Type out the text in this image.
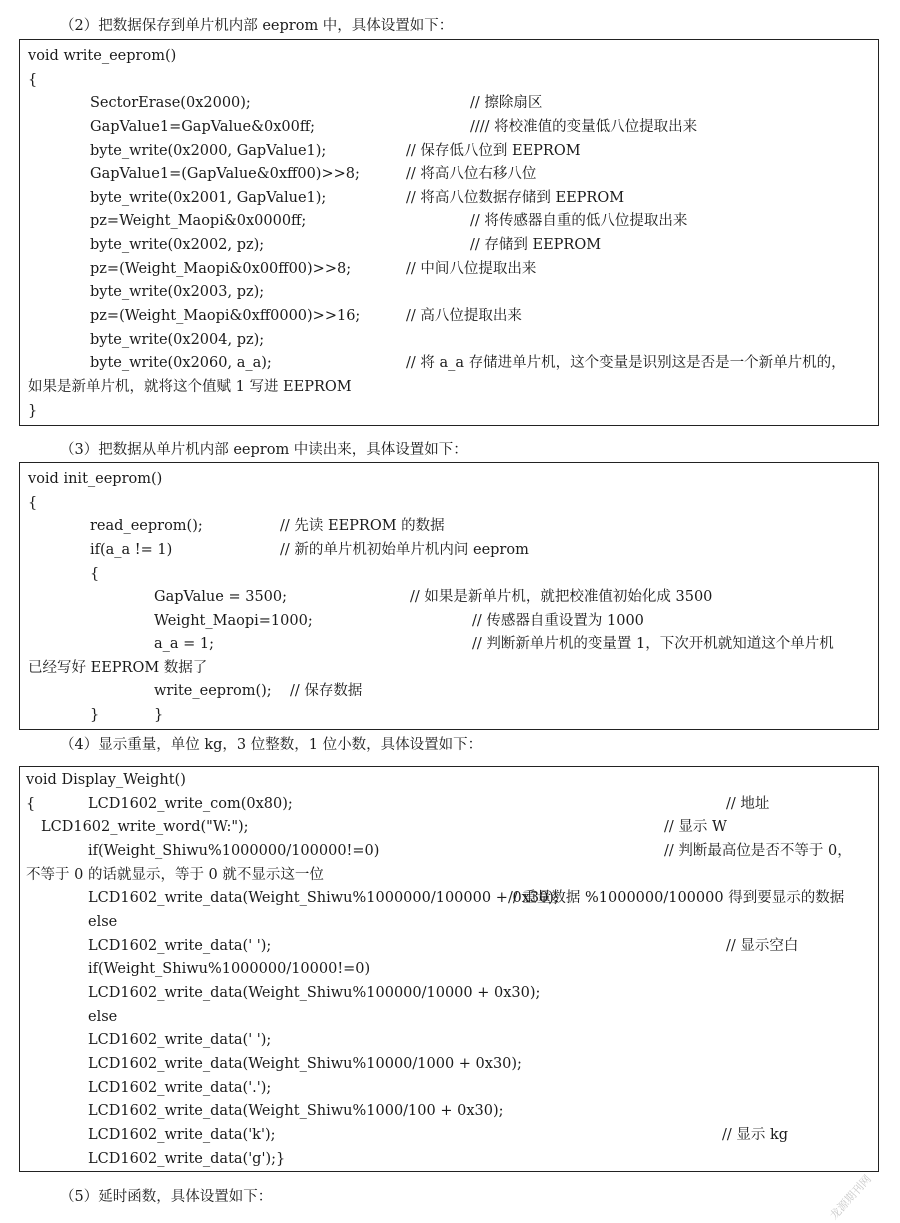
（2）把数据保存到单片机内部 eeprom 中，具体设置如下：
（3）把数据从单片机内部 eeprom 中读出来，具体设置如下：
（4）显示重量，单位 kg，3 位整数，1 位小数，具体设置如下：
（5）延时函数，具体设置如下：
void write_eeprom()
{
SectorErase(0x2000);	// 擦除扇区
GapValue1=GapValue&0x00ff;	//// 将校准值的变量低八位提取出来
byte_write(0x2000, GapValue1);	// 保存低八位到 EEPROM
GapValue1=(GapValue&0xff00)>>8;	// 将高八位右移八位
byte_write(0x2001, GapValue1);	// 将高八位数据存储到 EEPROM
pz=Weight_Maopi&0x0000ff;	// 将传感器自重的低八位提取出来
byte_write(0x2002, pz);	// 存储到 EEPROM
pz=(Weight_Maopi&0x00ff00)>>8;	// 中间八位提取出来
byte_write(0x2003, pz);
pz=(Weight_Maopi&0xff0000)>>16;	// 高八位提取出来
byte_write(0x2004, pz);
byte_write(0x2060, a_a);	// 将 a_a 存储进单片机，这个变量是识别这是否是一个新单片机的，
如果是新单片机，就将这个值赋 1 写进 EEPROM
}
void init_eeprom()
{
read_eeprom();	// 先读 EEPROM 的数据
if(a_a != 1)	// 新的单片机初始单片机内问 eeprom
{
GapValue = 3500;	// 如果是新单片机，就把校准值初始化成 3500
Weight_Maopi=1000;	// 传感器自重设置为 1000
a_a = 1;	// 判断新单片机的变量置 1，下次开机就知道这个单片机
已经写好 EEPROM 数据了
write_eeprom(); // 保存数据
}	}
void Display_Weight()
{	LCD1602_write_com(0x80);	// 地址
LCD1602_write_word("W:");	// 显示 W
if(Weight_Shiwu%1000000/100000!=0)	// 判断最高位是否不等于 0，
不等于 0 的话就显示，等于 0 就不显示这一位
LCD1602_write_data(Weight_Shiwu%1000000/100000 + 0x30);
// 重量数据 %1000000/100000 得到要显示的数据
else
LCD1602_write_data(' ');	// 显示空白
if(Weight_Shiwu%1000000/10000!=0)
LCD1602_write_data(Weight_Shiwu%100000/10000 + 0x30);
else
LCD1602_write_data(' ');
LCD1602_write_data(Weight_Shiwu%10000/1000 + 0x30);
LCD1602_write_data('.');
LCD1602_write_data(Weight_Shiwu%1000/100 + 0x30);
LCD1602_write_data('k');	// 显示 kg
LCD1602_write_data('g');}
龙源期刊网
